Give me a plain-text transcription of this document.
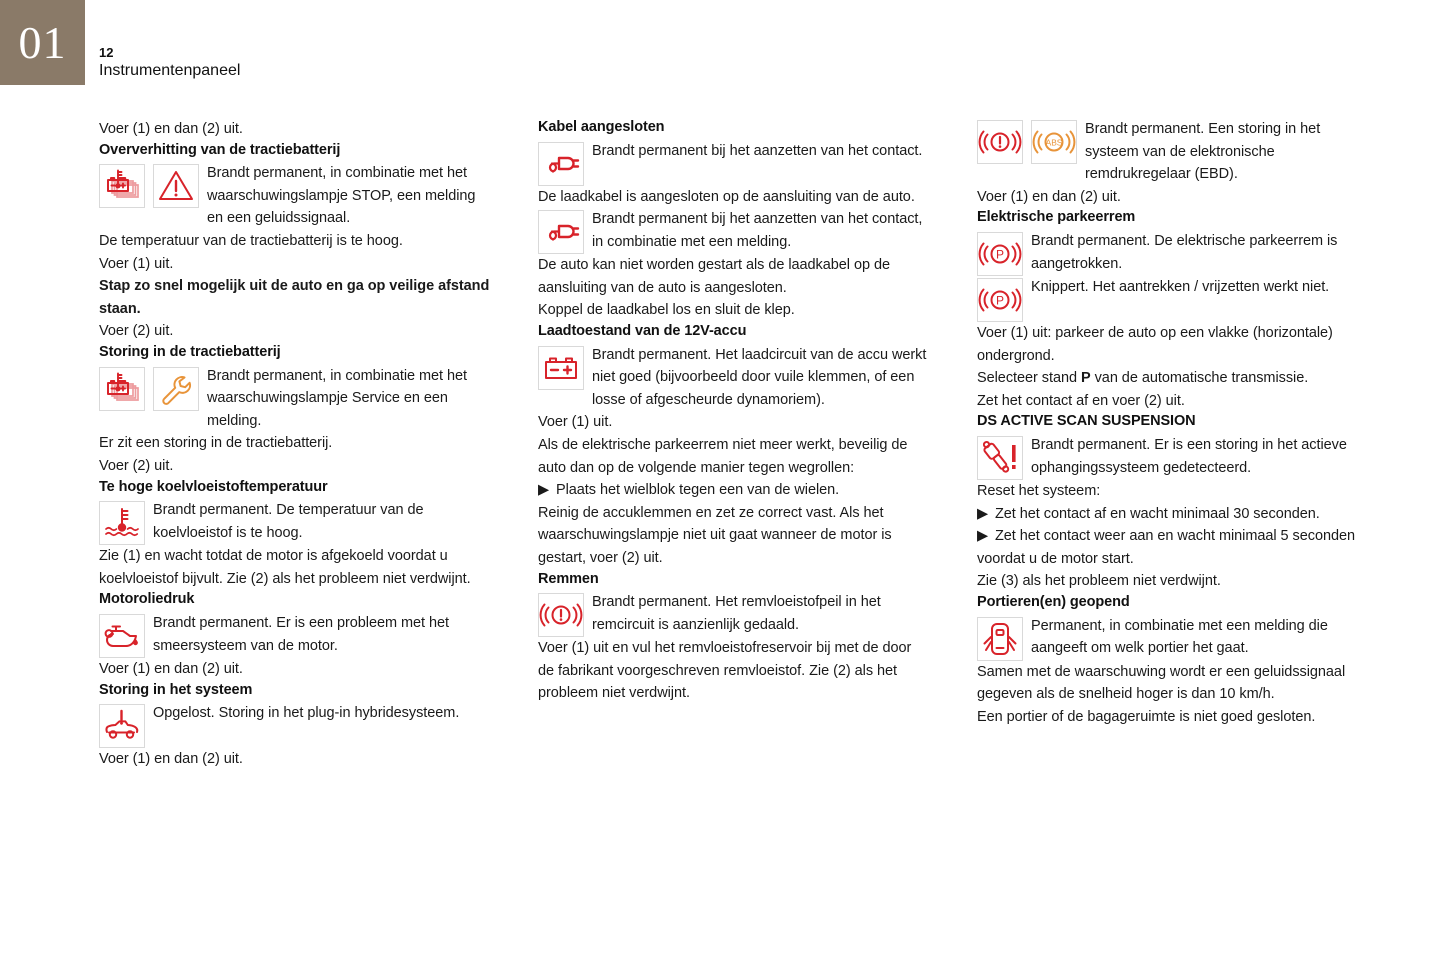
01	12
Instrumentenpaneel

Voer (1) en dan (2) uit.

Oververhitting van de tractiebatterij

Brandt permanent, in combinatie met het waarschuwingslampje STOP, een melding en een geluidssignaal.

De temperatuur van de tractiebatterij is te hoog.

Voer (1) uit.

Stap zo snel mogelijk uit de auto en ga op veilige afstand staan.

Voer (2) uit.

Storing in de tractiebatterij

Brandt permanent, in combinatie met het waarschuwingslampje Service en een melding.

Er zit een storing in de tractiebatterij.

Voer (2) uit.

Te hoge koelvloeistoftemperatuur

Brandt permanent. De temperatuur van de koelvloeistof is te hoog.

Zie (1) en wacht totdat de motor is afgekoeld voordat u koelvloeistof bijvult. Zie (2) als het probleem niet verdwijnt.

Motoroliedruk

Brandt permanent. Er is een probleem met het smeersysteem van de motor.

Voer (1) en dan (2) uit.

Storing in het systeem

Opgelost. Storing in het plug-in hybridesysteem.

Voer (1) en dan (2) uit.

Kabel aangesloten

Brandt permanent bij het aanzetten van het contact.

De laadkabel is aangesloten op de aansluiting van de auto.

Brandt permanent bij het aanzetten van het contact, in combinatie met een melding.

De auto kan niet worden gestart als de laadkabel op de aansluiting van de auto is aangesloten.

Koppel de laadkabel los en sluit de klep.

Laadtoestand van de 12V-accu

Brandt permanent. Het laadcircuit van de accu werkt niet goed (bijvoorbeeld door vuile klemmen, of een losse of afgescheurde dynamoriem).

Voer (1) uit.

Als de elektrische parkeerrem niet meer werkt, beveilig de auto dan op de volgende manier tegen wegrollen:

▶ Plaats het wielblok tegen een van de wielen.

Reinig de accuklemmen en zet ze correct vast. Als het waarschuwingslampje niet uit gaat wanneer de motor is gestart, voer (2) uit.

Remmen

Brandt permanent. Het remvloeistofpeil in het remcircuit is aanzienlijk gedaald.

Voer (1) uit en vul het remvloeistofreservoir bij met de door de fabrikant voorgeschreven remvloeistof. Zie (2) als het probleem niet verdwijnt.

ABS

Brandt permanent. Een storing in het systeem van de elektronische remdrukregelaar (EBD).

Voer (1) en dan (2) uit.

Elektrische parkeerrem
P

Brandt permanent. De elektrische parkeerrem is aangetrokken.

P

Knippert. Het aantrekken / vrijzetten werkt niet.

Voer (1) uit: parkeer de auto op een vlakke (horizontale) ondergrond.

Selecteer stand P van de automatische transmissie.

Zet het contact af en voer (2) uit.

DS ACTIVE SCAN SUSPENSION

Brandt permanent. Er is een storing in het actieve ophangingssysteem gedetecteerd.

Reset het systeem:

▶ Zet het contact af en wacht minimaal 30 seconden.

▶ Zet het contact weer aan en wacht minimaal 5 seconden voordat u de motor start.

Zie (3) als het probleem niet verdwijnt.

Portieren(en) geopend

Permanent, in combinatie met een melding die aangeeft om welk portier het gaat.

Samen met de waarschuwing wordt er een geluidssignaal gegeven als de snelheid hoger is dan 10 km/h.

Een portier of de bagageruimte is niet goed gesloten.
